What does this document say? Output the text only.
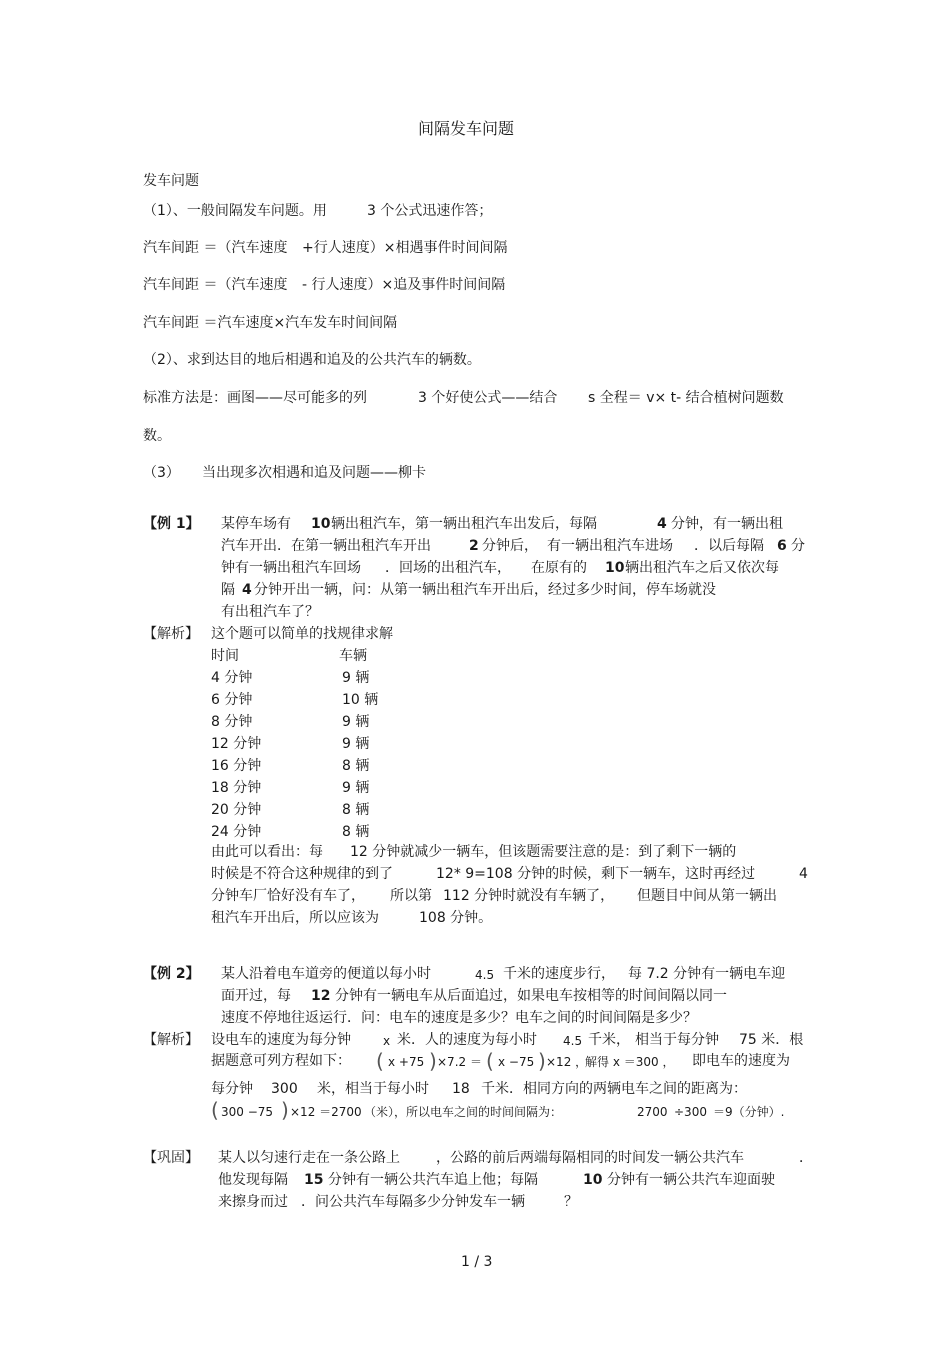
间隔发车问题
发车问题
（1）、一般间隔发车问题。用	3 个公式迅速作答；
汽车间距 ＝（汽车速度 +行人速度）×相遇事件时间间隔
汽车间距 ＝（汽车速度 - 行人速度）×追及事件时间间隔
汽车间距 ＝汽车速度×汽车发车时间间隔
（2）、求到达目的地后相遇和追及的公共汽车的辆数。
标准方法是：画图——尽可能多的列	3 个好使公式——结合 s 全程＝ v× t- 结合植树问题数
数。
（3） 当出现多次相遇和追及问题——柳卡
【例 1】 某停车场有 10 辆出租汽车，第一辆出租汽车出发后，每隔	4 分钟，有一辆出租
汽车开出．在第一辆出租汽车开出	2 分钟后， 有一辆出租汽车进场 ．以后每隔 6 分
钟有一辆出租汽车回场 ．回场的出租汽车， 在原有的 10 辆出租汽车之后又依次每
隔 4 分钟开出一辆，问：从第一辆出租汽车开出后，经过多少时间，停车场就没
有出租汽车了？
【解析】 这个题可以简单的找规律求解
时间	车辆
4 分钟	9 辆
6 分钟	10 辆
8 分钟	9 辆
12 分钟	9 辆
16 分钟	8 辆
18 分钟	9 辆
20 分钟	8 辆
24 分钟	8 辆
由此可以看出：每 12 分钟就减少一辆车，但该题需要注意的是：到了剩下一辆的
时候是不符合这种规律的到了	12* 9=108 分钟的时候，剩下一辆车，这时再经过	4
分钟车厂恰好没有车了， 所以第 112 分钟时就没有车辆了， 但题目中间从第一辆出
租汽车开出后，所以应该为	108 分钟。
【例 2】 某人沿着电车道旁的便道以每小时	4.5 千米的速度步行， 每 7.2 分钟有一辆电车迎
面开过，每 12 分钟有一辆电车从后面追过，如果电车按相等的时间间隔以同一
速度不停地往返运行．问：电车的速度是多少？电车之间的时间间隔是多少？
【解析】 设电车的速度为每分钟	x 米．人的速度为每小时 4.5 千米， 相当于每分钟 75 米．根
据题意可列方程如下： ( x +75 ) ×7.2 ＝ ( x −75 ) ×12 ，
解得 x ＝300 ， 即电车的速度为
每分钟 300 米，相当于每小时 18 千米．相同方向的两辆电车之间的距离为：
( 300 −75 ) ×12 ＝2700 （米），所以电车之间的时间间隔为：	2700 ÷300 ＝9（分钟）.
【巩固】 某人以匀速行走在一条公路上	，公路的前后两端每隔相同的时间发一辆公共汽车	．
他发现每隔 15 分钟有一辆公共汽车追上他；每隔	10 分钟有一辆公共汽车迎面驶
来擦身而过 ．问公共汽车每隔多少分钟发车一辆	？
1 / 3
